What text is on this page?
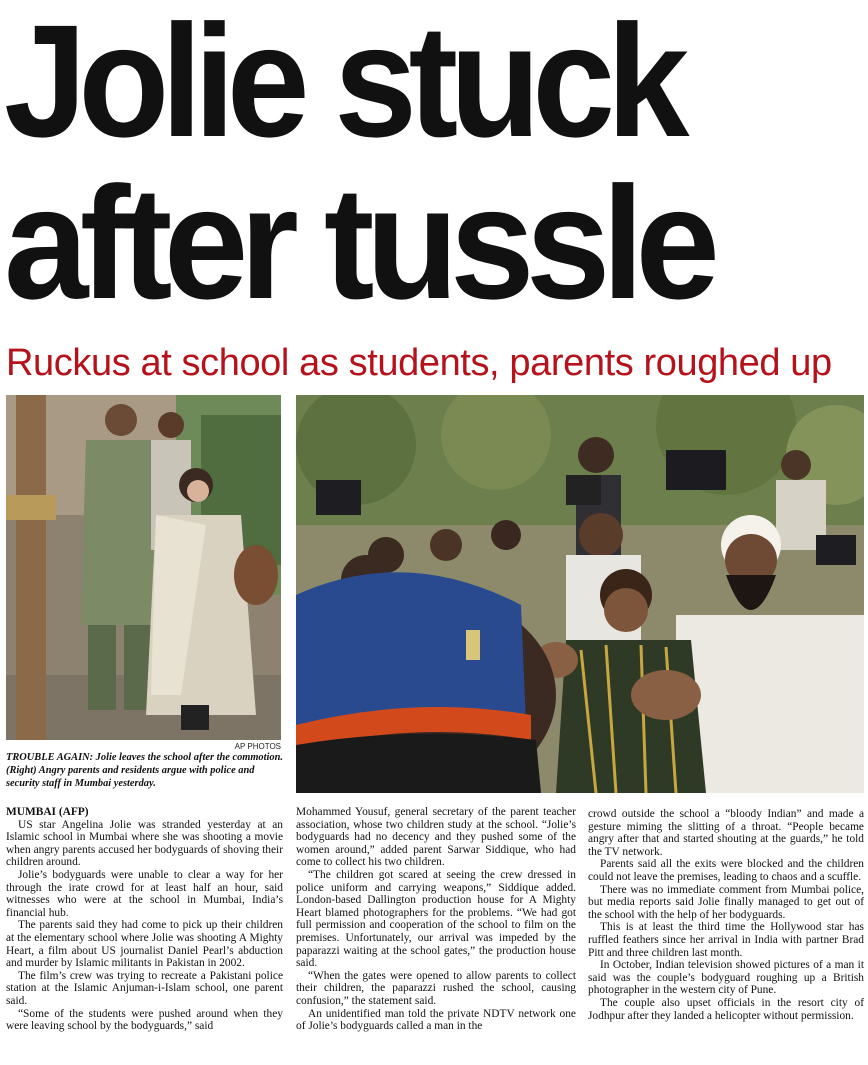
Jolie stuck
after tussle
Ruckus at school as students, parents roughed up
AP PHOTOS
TROUBLE AGAIN: Jolie leaves the school after the commotion. (Right) Angry parents and residents argue with police and security staff in Mumbai yesterday.

MUMBAI (AFP)

US star Angelina Jolie was stranded yesterday at an Islamic school in Mumbai where she was shooting a movie when angry parents accused her bodyguards of shoving their children around.

Jolie’s bodyguards were unable to clear a way for her through the irate crowd for at least half an hour, said witnesses who were at the school in Mumbai, India’s financial hub.

The parents said they had come to pick up their children at the elementary school where Jolie was shooting A Mighty Heart, a film about US journalist Daniel Pearl’s abduction and murder by Islamic militants in Pakistan in 2002.

The film’s crew was trying to recreate a Pakistani police station at the Islamic Anjuman-i-Islam school, one parent said.

“Some of the students were pushed around when they were leaving school by the bodyguards,” said

Mohammed Yousuf, general secretary of the parent teacher association, whose two children study at the school. “Jolie’s bodyguards had no decency and they pushed some of the women around,” added parent Sarwar Siddique, who had come to collect his two children.

“The children got scared at seeing the crew dressed in police uniform and carrying weapons,” Siddique added. London-based Dallington production house for A Mighty Heart blamed photographers for the problems. “We had got full permission and cooperation of the school to film on the premises. Unfortunately, our arrival was impeded by the paparazzi waiting at the school gates,” the production house said.

“When the gates were opened to allow parents to collect their children, the paparazzi rushed the school, causing confusion,” the statement said.

An unidentified man told the private NDTV network one of Jolie’s bodyguards called a man in the

crowd outside the school a “bloody Indian” and made a gesture miming the slitting of a throat. “People became angry after that and started shouting at the guards,” he told the TV network.

Parents said all the exits were blocked and the children could not leave the premises, leading to chaos and a scuffle.

There was no immediate comment from Mumbai police, but media reports said Jolie finally managed to get out of the school with the help of her bodyguards.

This is at least the third time the Hollywood star has ruffled feathers since her arrival in India with partner Brad Pitt and three children last month.

In October, Indian television showed pictures of a man it said was the couple’s bodyguard roughing up a British photographer in the western city of Pune.

The couple also upset officials in the resort city of Jodhpur after they landed a helicopter without permission.
